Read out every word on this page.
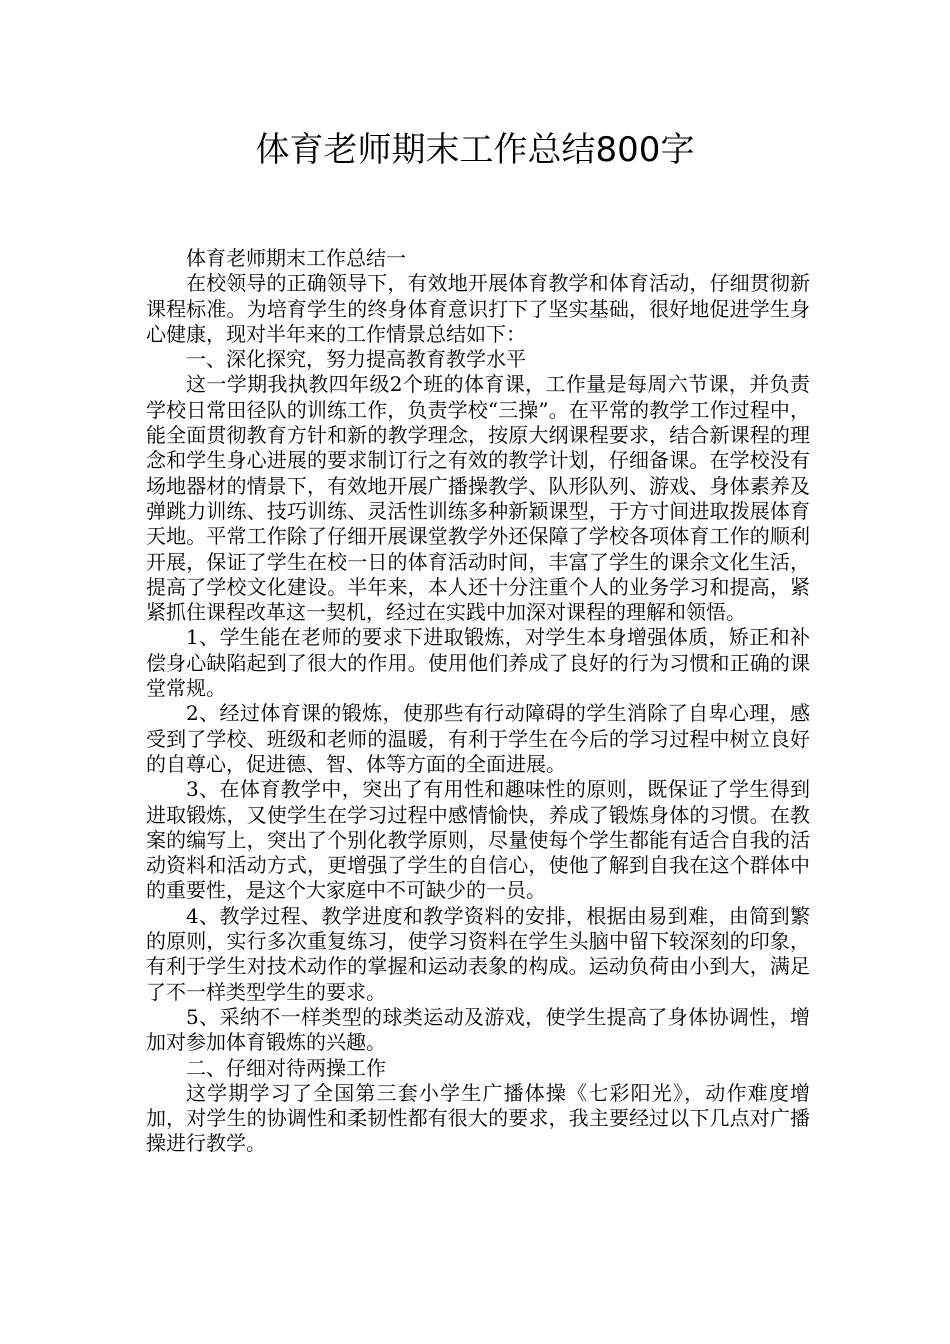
体育老师期末工作总结800字

体育老师期末工作总结一

在校领导的正确领导下，有效地开展体育教学和体育活动，仔细贯彻新课程标准。为培育学生的终身体育意识打下了坚实基础，很好地促进学生身心健康，现对半年来的工作情景总结如下：

一、深化探究，努力提高教育教学水平

这一学期我执教四年级2个班的体育课，工作量是每周六节课，并负责学校日常田径队的训练工作，负责学校“三操”。在平常的教学工作过程中，能全面贯彻教育方针和新的教学理念，按原大纲课程要求，结合新课程的理念和学生身心进展的要求制订行之有效的教学计划，仔细备课。在学校没有场地器材的情景下，有效地开展广播操教学、队形队列、游戏、身体素养及弹跳力训练、技巧训练、灵活性训练多种新颖课型，于方寸间进取拨展体育天地。平常工作除了仔细开展课堂教学外还保障了学校各项体育工作的顺利开展，保证了学生在校一日的体育活动时间，丰富了学生的课余文化生活，提高了学校文化建设。半年来，本人还十分注重个人的业务学习和提高，紧紧抓住课程改革这一契机，经过在实践中加深对课程的理解和领悟。

1、学生能在老师的要求下进取锻炼，对学生本身增强体质，矫正和补偿身心缺陷起到了很大的作用。使用他们养成了良好的行为习惯和正确的课堂常规。

2、经过体育课的锻炼，使那些有行动障碍的学生消除了自卑心理，感受到了学校、班级和老师的温暖，有利于学生在今后的学习过程中树立良好的自尊心，促进德、智、体等方面的全面进展。

3、在体育教学中，突出了有用性和趣味性的原则，既保证了学生得到进取锻炼，又使学生在学习过程中感情愉快，养成了锻炼身体的习惯。在教案的编写上，突出了个别化教学原则，尽量使每个学生都能有适合自我的活动资料和活动方式，更增强了学生的自信心，使他了解到自我在这个群体中的重要性，是这个大家庭中不可缺少的一员。

4、教学过程、教学进度和教学资料的安排，根据由易到难，由简到繁的原则，实行多次重复练习，使学习资料在学生头脑中留下较深刻的印象，有利于学生对技术动作的掌握和运动表象的构成。运动负荷由小到大，满足了不一样类型学生的要求。

5、采纳不一样类型的球类运动及游戏，使学生提高了身体协调性，增加对参加体育锻炼的兴趣。

二、仔细对待两操工作

这学期学习了全国第三套小学生广播体操《七彩阳光》，动作难度增加，对学生的协调性和柔韧性都有很大的要求，我主要经过以下几点对广播操进行教学。
